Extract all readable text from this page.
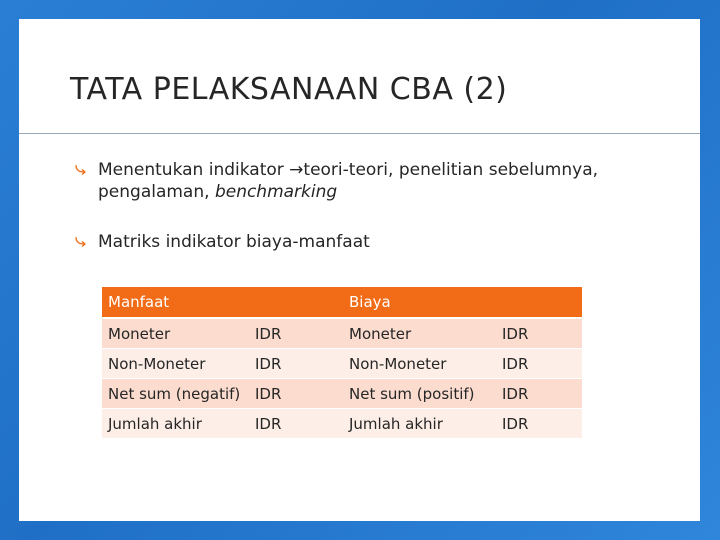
TATA PELAKSANAAN CBA (2)
Menentukan indikator →teori-teori, penelitian sebelumnya, pengalaman, benchmarking
Matriks indikator biaya-manfaat
Manfaat		Biaya	
Moneter	IDR	Moneter	IDR
Non-Moneter	IDR	Non-Moneter	IDR
Net sum (negatif)	IDR	Net sum (positif)	IDR
Jumlah akhir	IDR	Jumlah akhir	IDR
